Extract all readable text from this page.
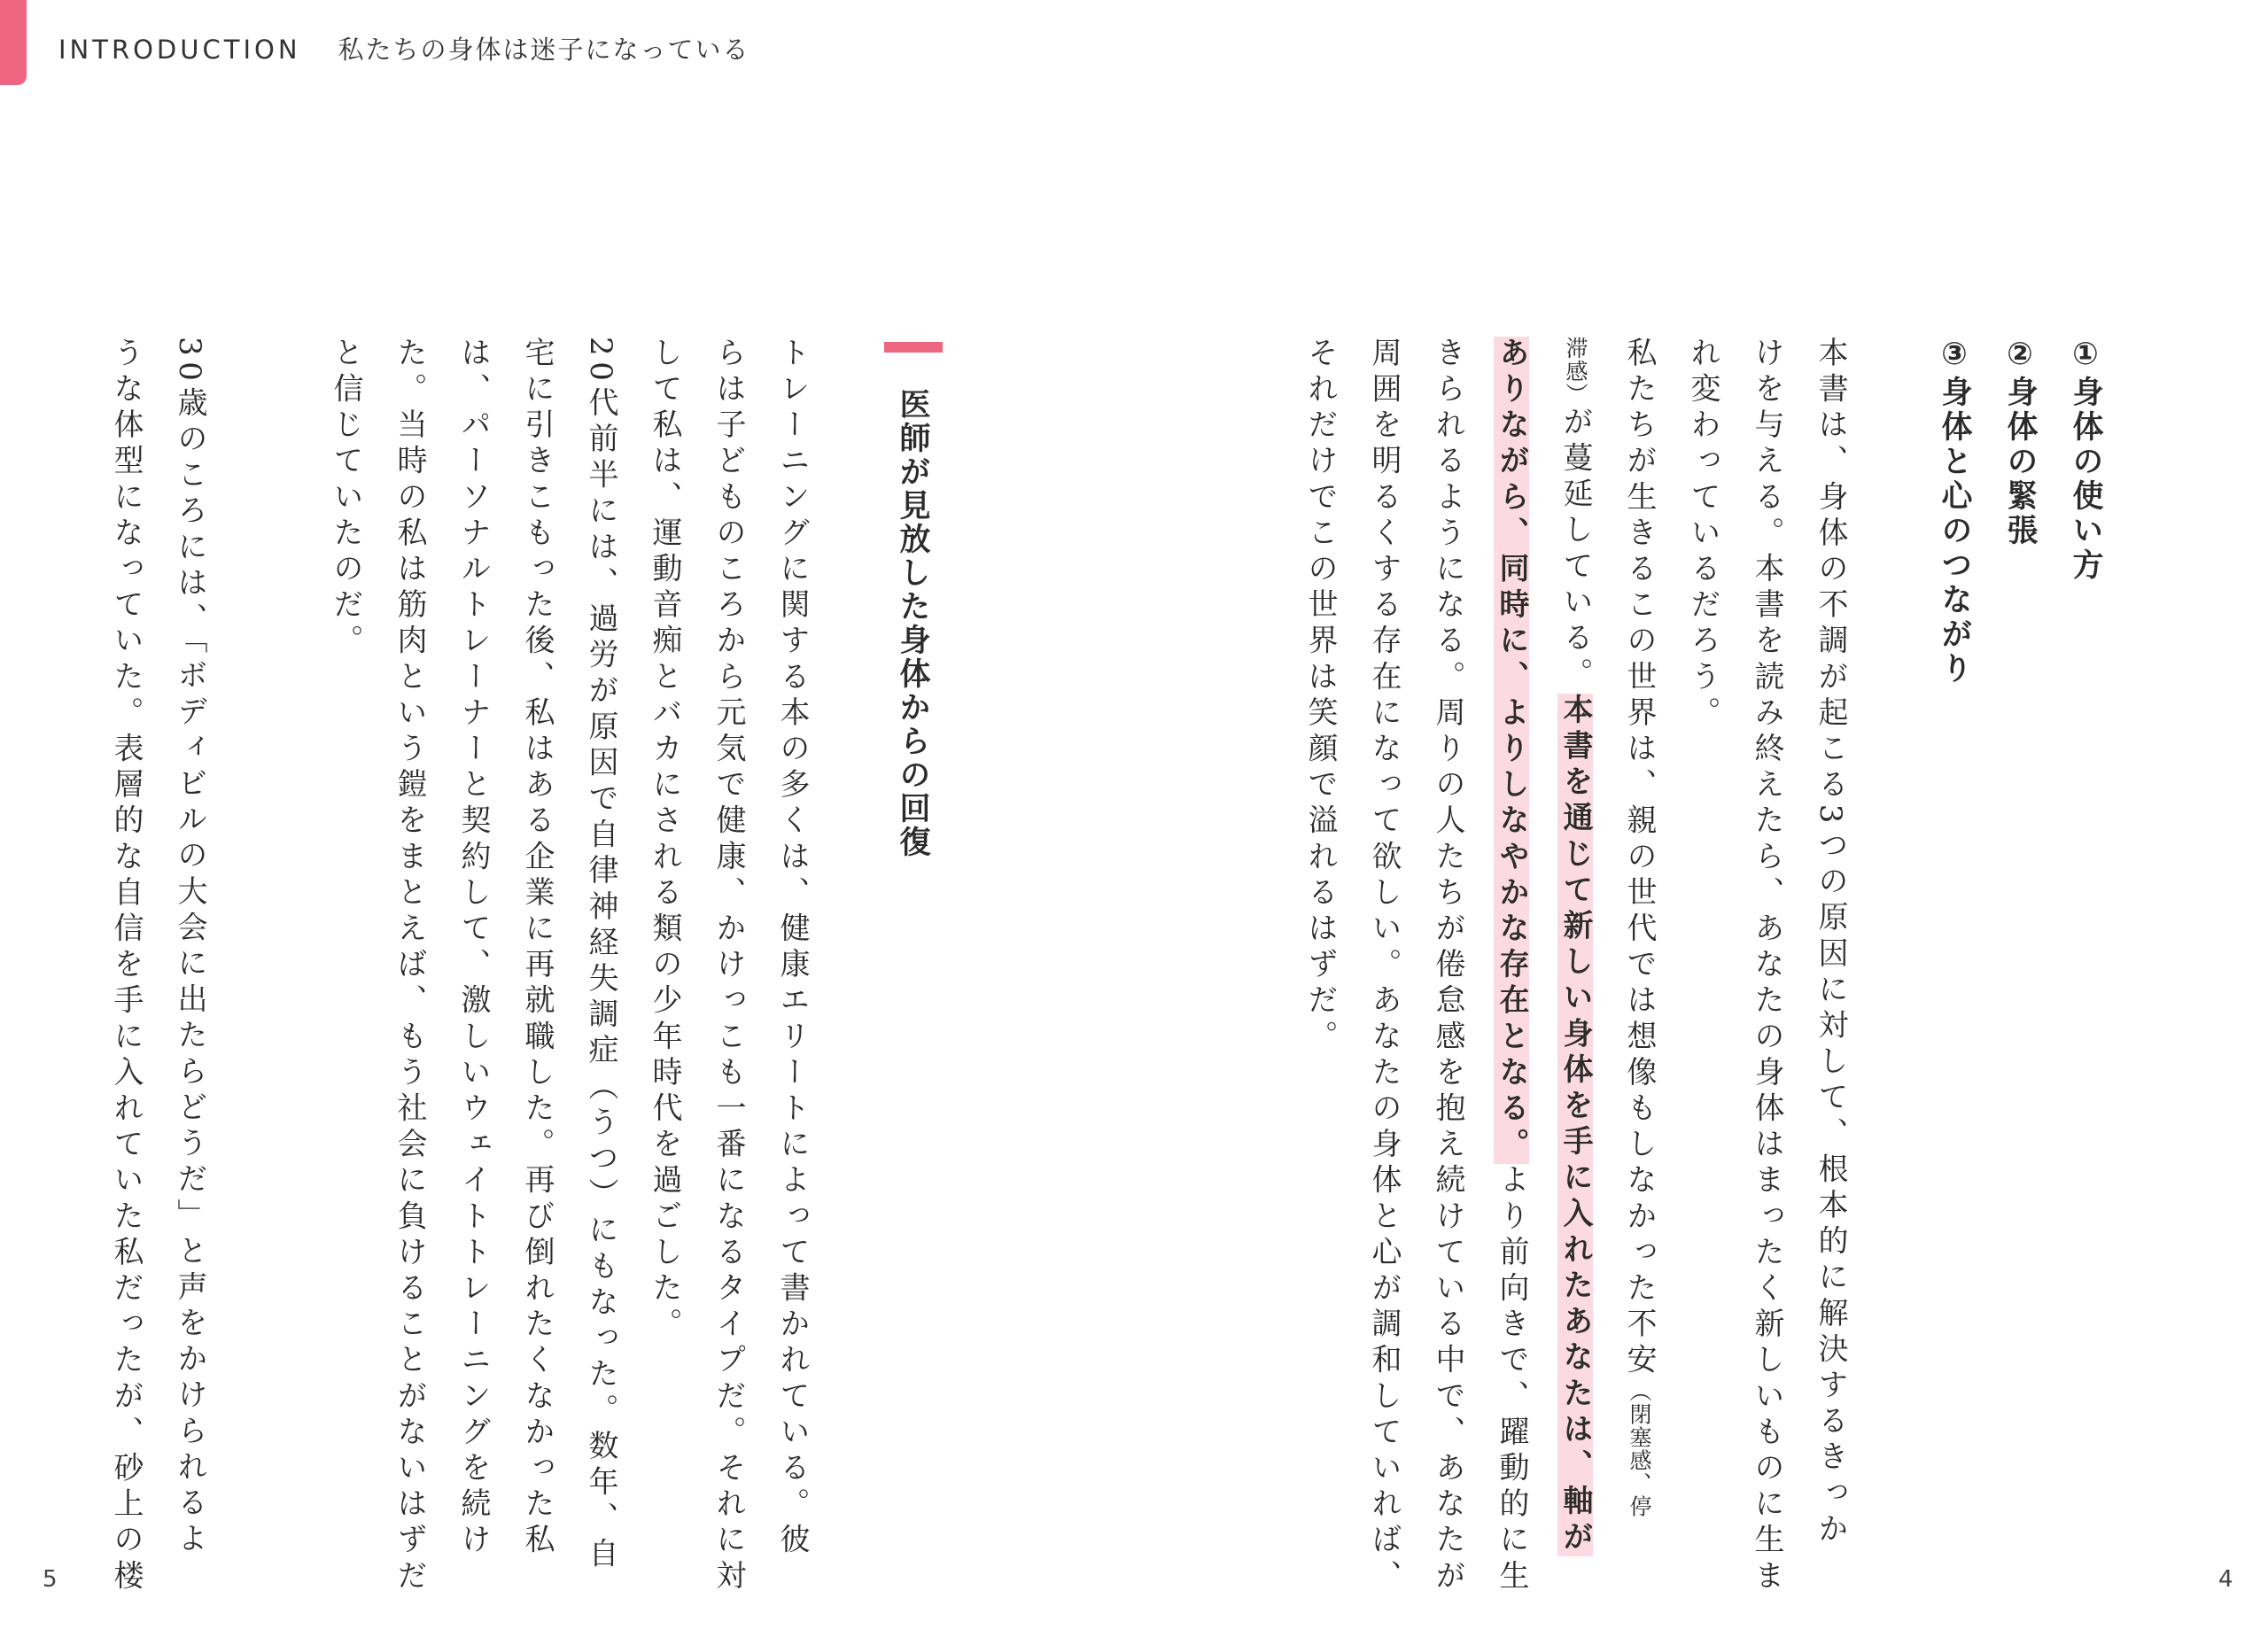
INTRODUCTION 私たちの身体は迷子になっている
①身体の使い方
②身体の緊張
③身体と心のつながり
本書は、身体の不調が起こる3つの原因に対して、根本的に解決するきっか
けを与える。本書を読み終えたら、あなたの身体はまったく新しいものに生ま
れ変わっているだろう。
私たちが生きるこの世界は、親の世代では想像もしなかった不安（閉塞感、停
滞感）が蔓延している。本書を通じて新しい身体を手に入れたあなたは、軸が
ありながら、同時に、よりしなやかな存在となる。より前向きで、躍動的に生
きられるようになる。周りの人たちが倦怠感を抱え続けている中で、あなたが
周囲を明るくする存在になって欲しい。あなたの身体と心が調和していれば、
それだけでこの世界は笑顔で溢れるはずだ。
医師が見放した身体からの回復
トレーニングに関する本の多くは、健康エリートによって書かれている。彼
らは子どものころから元気で健康、かけっこも一番になるタイプだ。それに対
して私は、運動音痴とバカにされる類の少年時代を過ごした。
20代前半には、過労が原因で自律神経失調症（うつ）にもなった。数年、自
宅に引きこもった後、私はある企業に再就職した。再び倒れたくなかった私
は、パーソナルトレーナーと契約して、激しいウェイトトレーニングを続け
た。当時の私は筋肉という鎧をまとえば、もう社会に負けることがないはずだ
と信じていたのだ。
30歳のころには、「ボディビルの大会に出たらどうだ」と声をかけられるよ
うな体型になっていた。表層的な自信を手に入れていた私だったが、砂上の楼
5	4
